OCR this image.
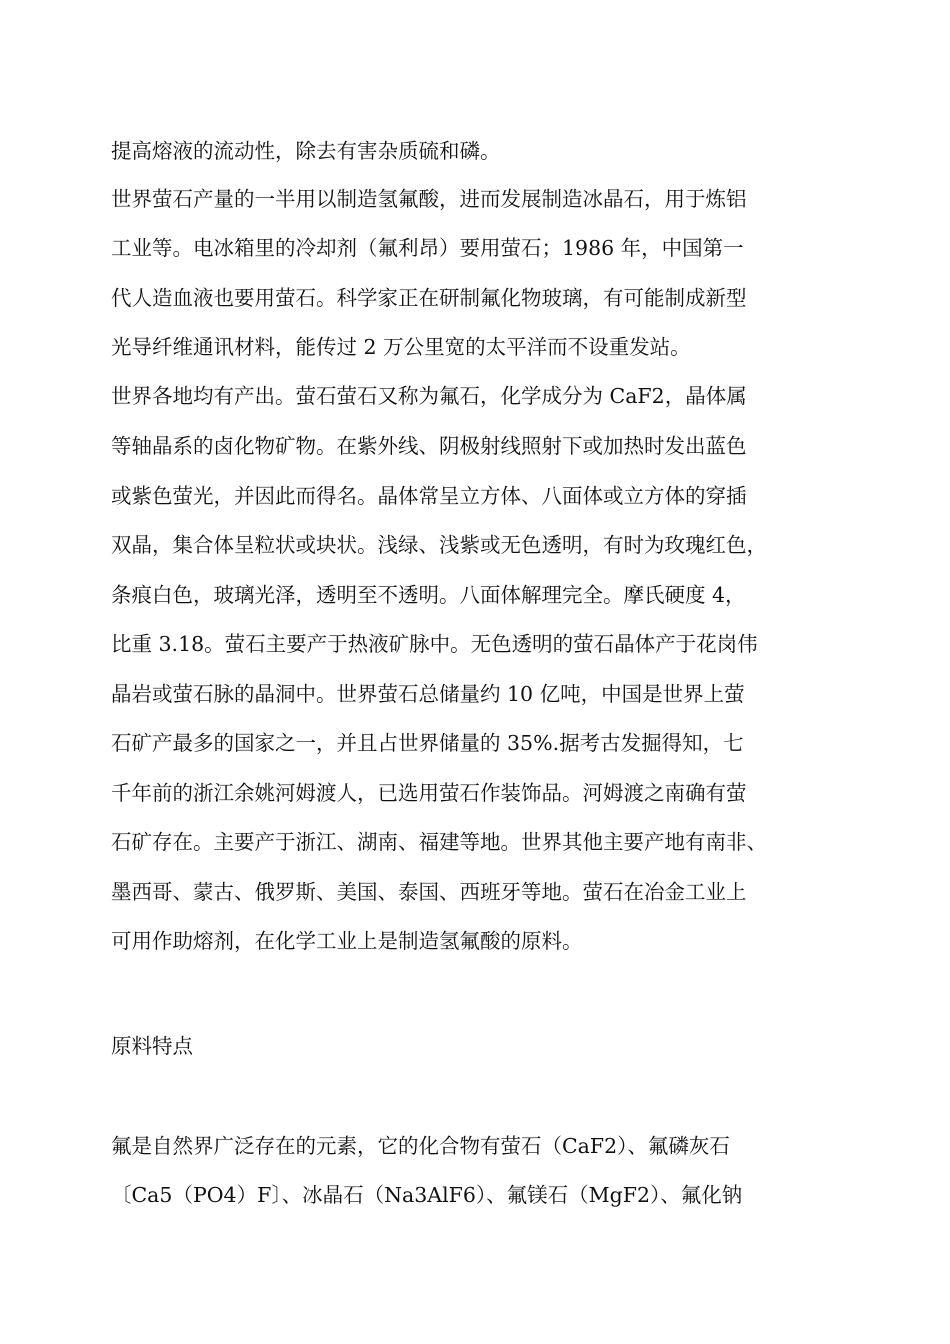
提高熔液的流动性，除去有害杂质硫和磷。
世界萤石产量的一半用以制造氢氟酸，进而发展制造冰晶石，用于炼铝
工业等。电冰箱里的冷却剂（氟利昂）要用萤石；1986 年，中国第一
代人造血液也要用萤石。科学家正在研制氟化物玻璃，有可能制成新型
光导纤维通讯材料，能传过 2 万公里宽的太平洋而不设重发站。
世界各地均有产出。萤石萤石又称为氟石，化学成分为 CaF2，晶体属
等轴晶系的卤化物矿物。在紫外线、阴极射线照射下或加热时发出蓝色
或紫色萤光，并因此而得名。晶体常呈立方体、八面体或立方体的穿插
双晶，集合体呈粒状或块状。浅绿、浅紫或无色透明，有时为玫瑰红色，
条痕白色，玻璃光泽，透明至不透明。八面体解理完全。摩氏硬度 4，
比重 3.18。萤石主要产于热液矿脉中。无色透明的萤石晶体产于花岗伟
晶岩或萤石脉的晶洞中。世界萤石总储量约 10 亿吨，中国是世界上萤
石矿产最多的国家之一，并且占世界储量的 35%.据考古发掘得知，七
千年前的浙江余姚河姆渡人，已选用萤石作装饰品。河姆渡之南确有萤
石矿存在。主要产于浙江、湖南、福建等地。世界其他主要产地有南非、
墨西哥、蒙古、俄罗斯、美国、泰国、西班牙等地。萤石在冶金工业上
可用作助熔剂，在化学工业上是制造氢氟酸的原料。
原料特点
氟是自然界广泛存在的元素，它的化合物有萤石（CaF2）、氟磷灰石
〔Ca5（PO4）F〕、冰晶石（Na3AlF6）、氟镁石（MgF2）、氟化钠
